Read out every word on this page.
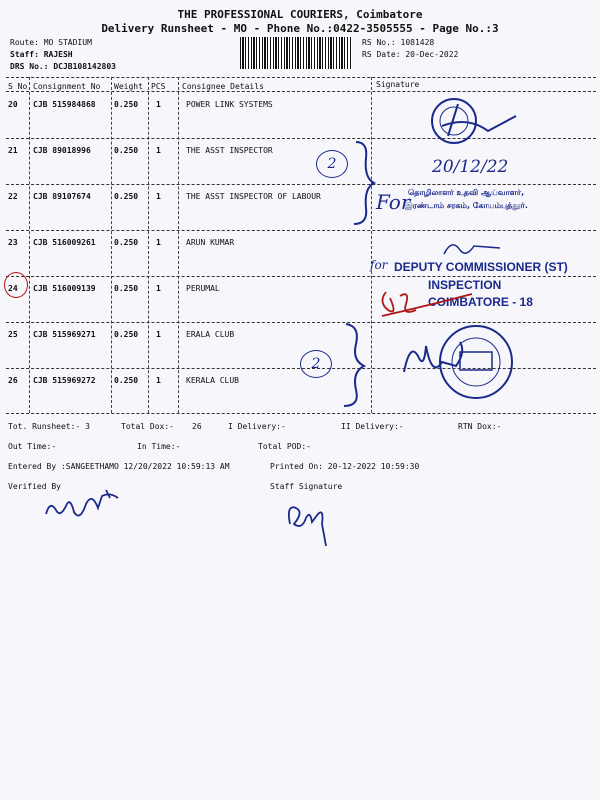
THE PROFESSIONAL COURIERS, Coimbatore
Delivery Runsheet - MO - Phone No.:0422-3505555 - Page No.:3
Route: MO STADIUM
Staff: RAJESH
DRS No.: DCJB108142803
RS No.: 1081428
RS Date: 20-Dec-2022
S No Consignment No Weight PCS Consignee Details	Signature
20 CJB 515984868 0.250 1	POWER LINK SYSTEMS
21 CJB 89018996	0.250 1	THE ASST INSPECTOR
22 CJB 89107674	0.250 1	THE ASST INSPECTOR OF LABOUR
23 CJB 516009261 0.250 1	ARUN KUMAR
24 CJB 516009139 0.250 1	PERUMAL
25 CJB 515969271 0.250 1	ERALA CLUB
26 CJB 515969272 0.250 1	KERALA CLUB
Tot. Runsheet:- 3	Total Dox:- 26	I Delivery:-	II Delivery:-	RTN Dox:-
Out Time:-	In Time:-	Total POD:-
Entered By :SANGEETHAMO 12/20/2022 10:59:13 AM	Printed On: 20-12-2022 10:59:30
Verified By	Staff Signature
2	20/12/22
For
தொழிலாளர் உதவி ஆய்வாளர்,
இரண்டாம் சரகம், கோயம்புத்தூர்.
for DEPUTY COMMISSIONER (ST)
INSPECTION
COIMBATORE - 18
2
